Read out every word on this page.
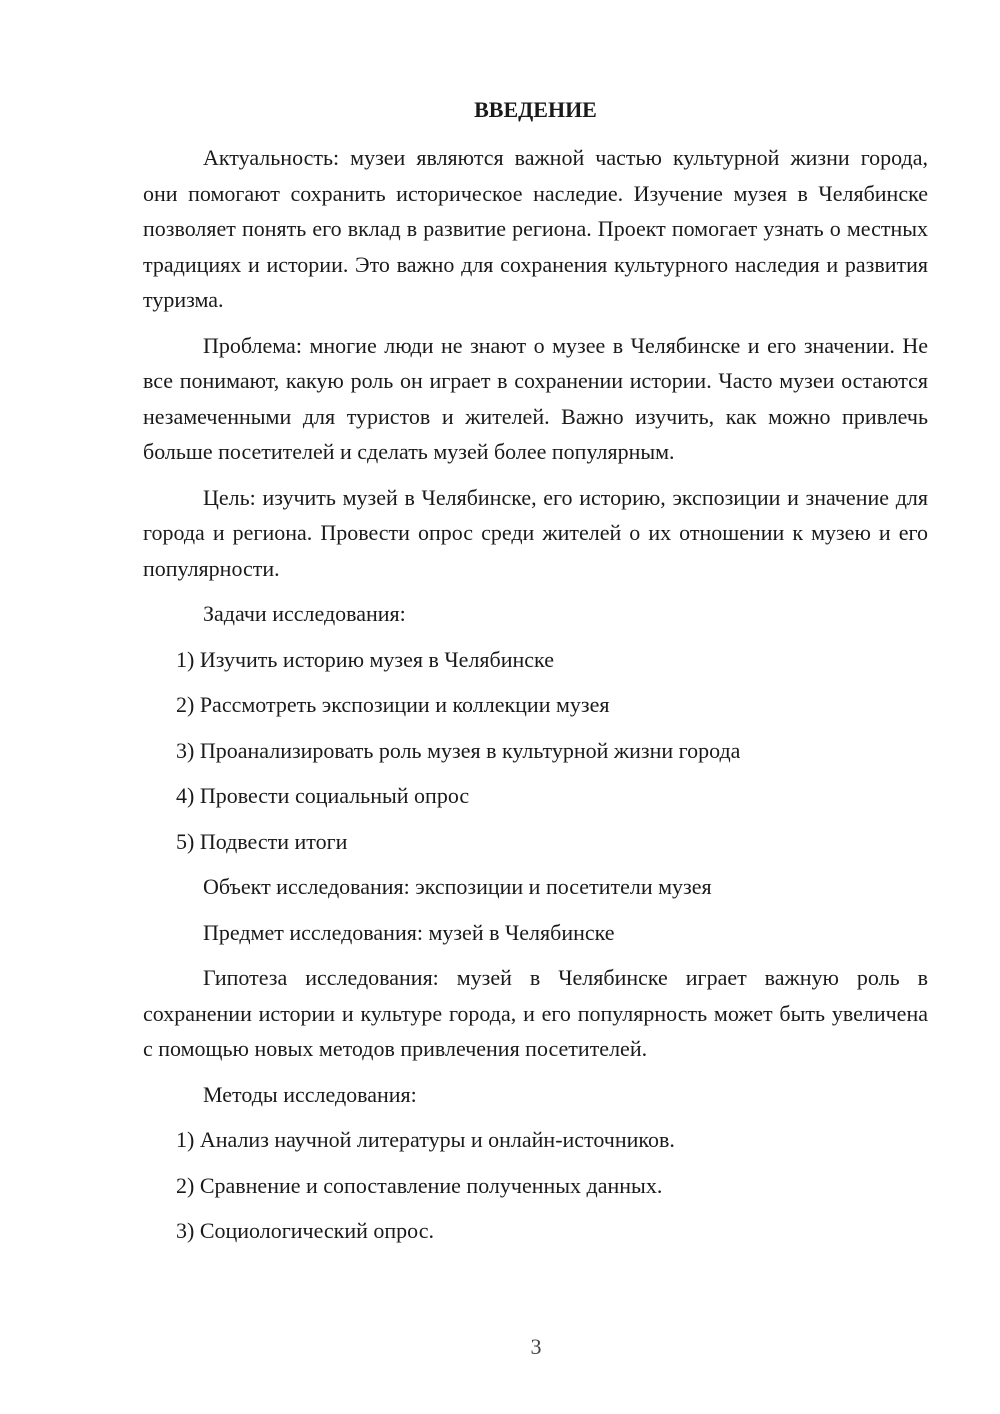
ВВЕДЕНИЕ

Актуальность: музеи являются важной частью культурной жизни города, они помогают сохранить историческое наследие. Изучение музея в Челябинске позволяет понять его вклад в развитие региона. Проект помогает узнать о местных традициях и истории. Это важно для сохранения культурного наследия и развития туризма.

Проблема: многие люди не знают о музее в Челябинске и его значении. Не все понимают, какую роль он играет в сохранении истории. Часто музеи остаются незамеченными для туристов и жителей. Важно изучить, как можно привлечь больше посетителей и сделать музей более популярным.

Цель: изучить музей в Челябинске, его историю, экспозиции и значение для города и региона. Провести опрос среди жителей о их отношении к музею и его популярности.

Задачи исследования:

1) Изучить историю музея в Челябинске

2) Рассмотреть экспозиции и коллекции музея

3) Проанализировать роль музея в культурной жизни города

4) Провести социальный опрос

5) Подвести итоги

Объект исследования: экспозиции и посетители музея

Предмет исследования: музей в Челябинске

Гипотеза исследования: музей в Челябинске играет важную роль в сохранении истории и культуре города, и его популярность может быть увеличена с помощью новых методов привлечения посетителей.

Методы исследования:

1) Анализ научной литературы и онлайн-источников.

2) Сравнение и сопоставление полученных данных.

3) Социологический опрос.

3
